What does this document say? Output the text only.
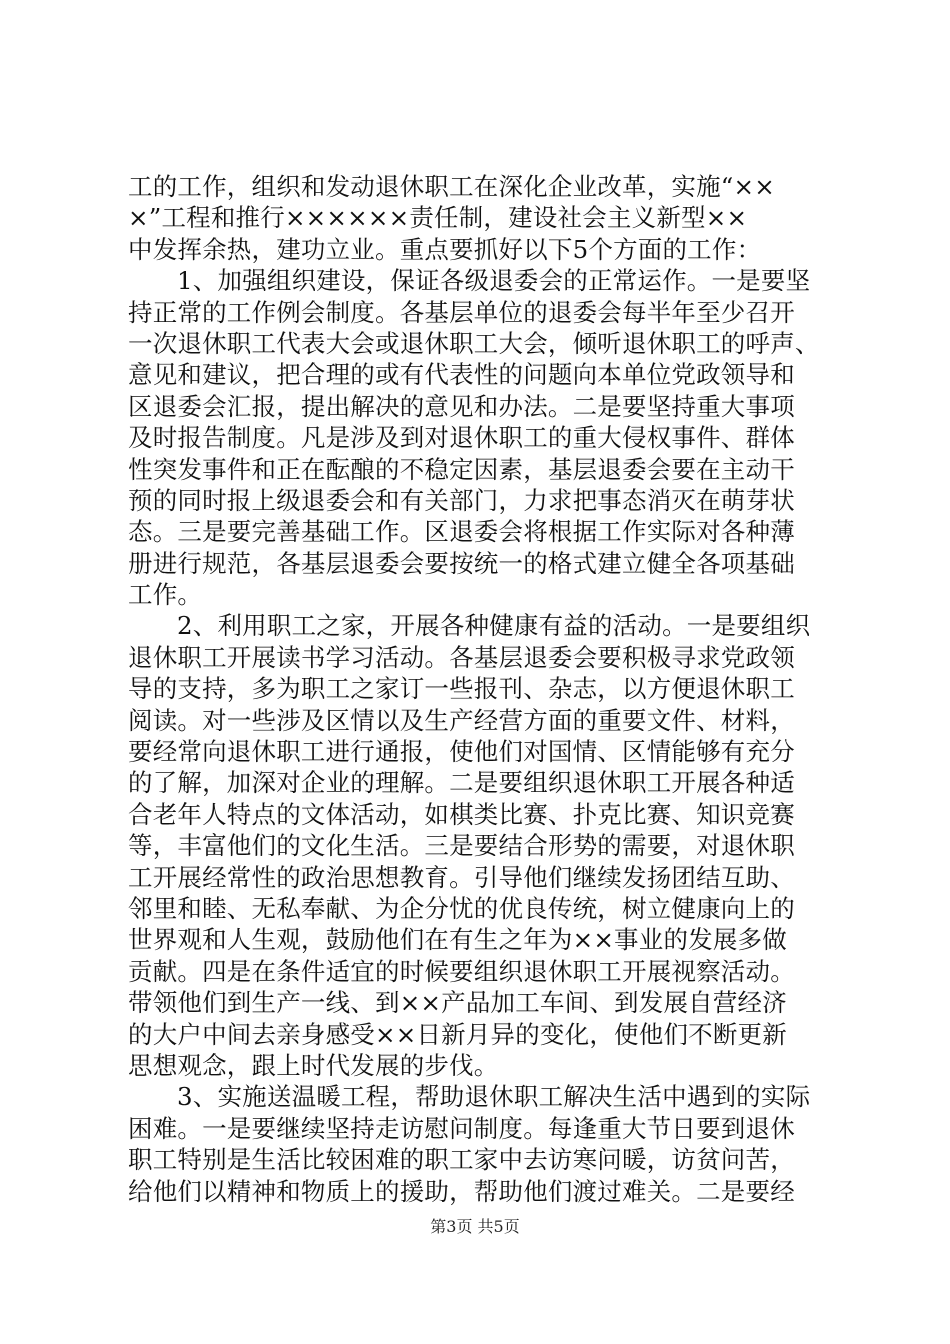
工的工作，组织和发动退休职工在深化企业改革，实施“××
×”工程和推行××××××责任制，建设社会主义新型××
中发挥余热，建功立业。重点要抓好以下5个方面的工作：
1、加强组织建设，保证各级退委会的正常运作。一是要坚
持正常的工作例会制度。各基层单位的退委会每半年至少召开
一次退休职工代表大会或退休职工大会，倾听退休职工的呼声、
意见和建议，把合理的或有代表性的问题向本单位党政领导和
区退委会汇报，提出解决的意见和办法。二是要坚持重大事项
及时报告制度。凡是涉及到对退休职工的重大侵权事件、群体
性突发事件和正在酝酿的不稳定因素，基层退委会要在主动干
预的同时报上级退委会和有关部门，力求把事态消灭在萌芽状
态。三是要完善基础工作。区退委会将根据工作实际对各种薄
册进行规范，各基层退委会要按统一的格式建立健全各项基础
工作。
2、利用职工之家，开展各种健康有益的活动。一是要组织
退休职工开展读书学习活动。各基层退委会要积极寻求党政领
导的支持，多为职工之家订一些报刊、杂志，以方便退休职工
阅读。对一些涉及区情以及生产经营方面的重要文件、材料，
要经常向退休职工进行通报，使他们对国情、区情能够有充分
的了解，加深对企业的理解。二是要组织退休职工开展各种适
合老年人特点的文体活动，如棋类比赛、扑克比赛、知识竞赛
等，丰富他们的文化生活。三是要结合形势的需要，对退休职
工开展经常性的政治思想教育。引导他们继续发扬团结互助、
邻里和睦、无私奉献、为企分忧的优良传统，树立健康向上的
世界观和人生观，鼓励他们在有生之年为××事业的发展多做
贡献。四是在条件适宜的时候要组织退休职工开展视察活动。
带领他们到生产一线、到××产品加工车间、到发展自营经济
的大户中间去亲身感受××日新月异的变化，使他们不断更新
思想观念，跟上时代发展的步伐。
3、实施送温暖工程，帮助退休职工解决生活中遇到的实际
困难。一是要继续坚持走访慰问制度。每逢重大节日要到退休
职工特别是生活比较困难的职工家中去访寒问暖，访贫问苦，
给他们以精神和物质上的援助，帮助他们渡过难关。二是要经
第3页 共5页
